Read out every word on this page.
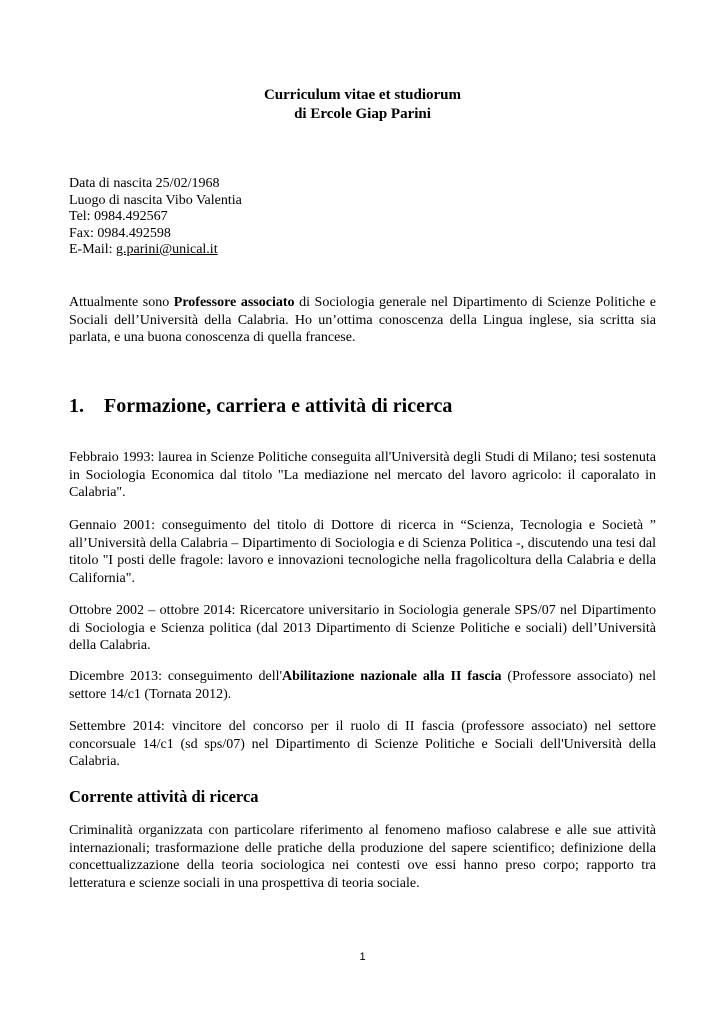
Curriculum vitae et studiorum
di Ercole Giap Parini
Data di nascita 25/02/1968
Luogo di nascita Vibo Valentia
Tel: 0984.492567
Fax: 0984.492598
E-Mail: g.parini@unical.it
Attualmente sono Professore associato di Sociologia generale nel Dipartimento di Scienze Politiche e Sociali dell’Università della Calabria. Ho un’ottima conoscenza della Lingua inglese, sia scritta sia parlata, e una buona conoscenza di quella francese.
1. Formazione, carriera e attività di ricerca
Febbraio 1993: laurea in Scienze Politiche conseguita all'Università degli Studi di Milano; tesi sostenuta in Sociologia Economica dal titolo "La mediazione nel mercato del lavoro agricolo: il caporalato in Calabria".
Gennaio 2001: conseguimento del titolo di Dottore di ricerca in “Scienza, Tecnologia e Società ” all’Università della Calabria – Dipartimento di Sociologia e di Scienza Politica -, discutendo una tesi dal titolo "I posti delle fragole: lavoro e innovazioni tecnologiche nella fragolicoltura della Calabria e della California".
Ottobre 2002 – ottobre 2014: Ricercatore universitario in Sociologia generale SPS/07 nel Dipartimento di Sociologia e Scienza politica (dal 2013 Dipartimento di Scienze Politiche e sociali) dell’Università della Calabria.
Dicembre 2013: conseguimento dell'Abilitazione nazionale alla II fascia (Professore associato) nel settore 14/c1 (Tornata 2012).
Settembre 2014: vincitore del concorso per il ruolo di II fascia (professore associato) nel settore concorsuale 14/c1 (sd sps/07) nel Dipartimento di Scienze Politiche e Sociali dell'Università della Calabria.
Corrente attività di ricerca
Criminalità organizzata con particolare riferimento al fenomeno mafioso calabrese e alle sue attività internazionali; trasformazione delle pratiche della produzione del sapere scientifico; definizione della concettualizzazione della teoria sociologica nei contesti ove essi hanno preso corpo; rapporto tra letteratura e scienze sociali in una prospettiva di teoria sociale.
1
